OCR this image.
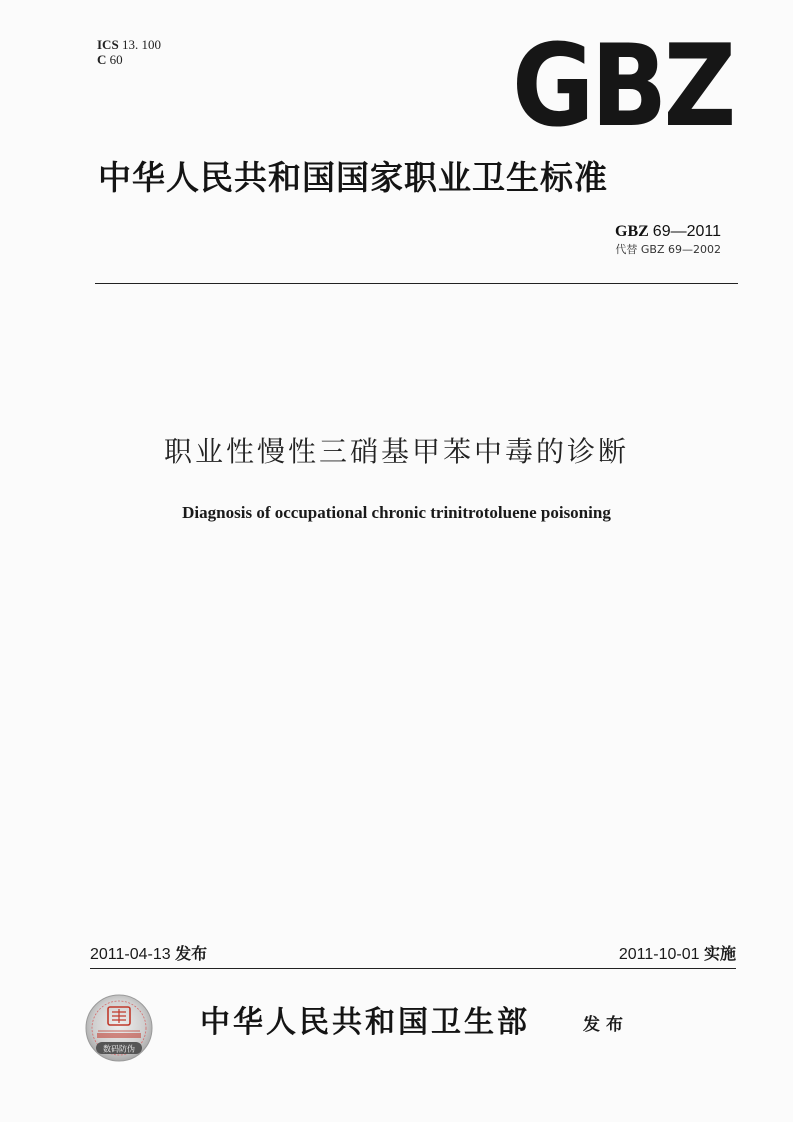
ICS 13. 100
C 60	GBZ
中华人民共和国国家职业卫生标准
GBZ 69—2011
代替 GBZ 69—2002
职业性慢性三硝基甲苯中毒的诊断
Diagnosis of occupational chronic trinitrotoluene poisoning
2011-04-13 发布	2011-10-01 实施
数码防伪
中华人民共和国卫生部	发布
